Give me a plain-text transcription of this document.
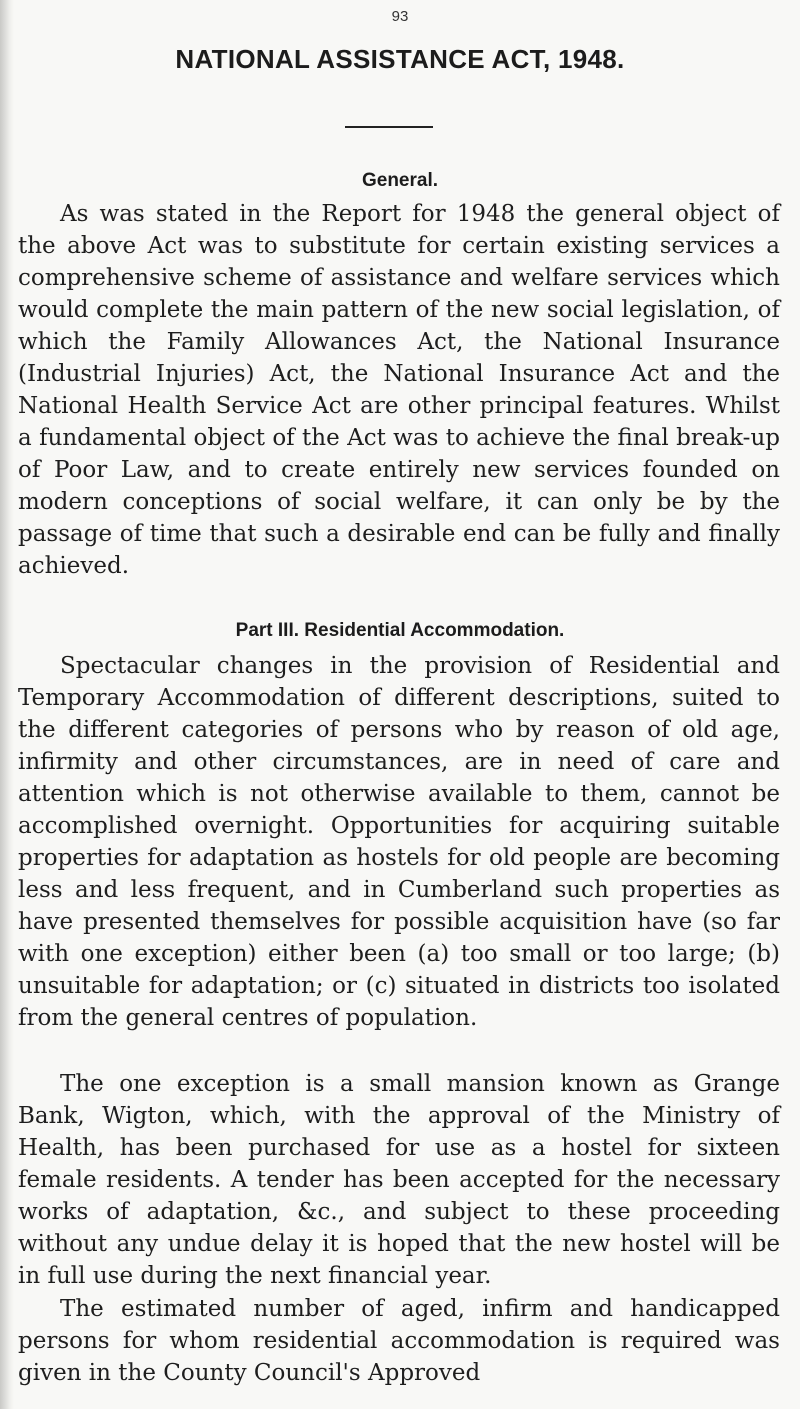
93
NATIONAL ASSISTANCE ACT, 1948.
General.

As was stated in the Report for 1948 the general object of the above Act was to substitute for certain existing services a comprehensive scheme of assistance and welfare services which would complete the main pattern of the new social legislation, of which the Family Allowances Act, the National Insurance (Industrial Injuries) Act, the National Insurance Act and the National Health Service Act are other principal features. Whilst a fundamental object of the Act was to achieve the final break-up of Poor Law, and to create entirely new services founded on modern conceptions of social welfare, it can only be by the passage of time that such a desirable end can be fully and finally achieved.

Part III. Residential Accommodation.

Spectacular changes in the provision of Residential and Temporary Accommodation of different descriptions, suited to the different categories of persons who by reason of old age, infirmity and other circumstances, are in need of care and attention which is not otherwise available to them, cannot be accomplished overnight. Opportunities for acquiring suitable properties for adaptation as hostels for old people are becoming less and less frequent, and in Cumberland such properties as have presented themselves for possible acquisition have (so far with one exception) either been (a) too small or too large; (b) unsuitable for adaptation; or (c) situated in districts too isolated from the general centres of population.

The one exception is a small mansion known as Grange Bank, Wigton, which, with the approval of the Ministry of Health, has been purchased for use as a hostel for sixteen female residents. A tender has been accepted for the necessary works of adaptation, &c., and subject to these proceeding without any undue delay it is hoped that the new hostel will be in full use during the next financial year.

The estimated number of aged, infirm and handicapped persons for whom residential accommodation is required was given in the County Council's Approved
